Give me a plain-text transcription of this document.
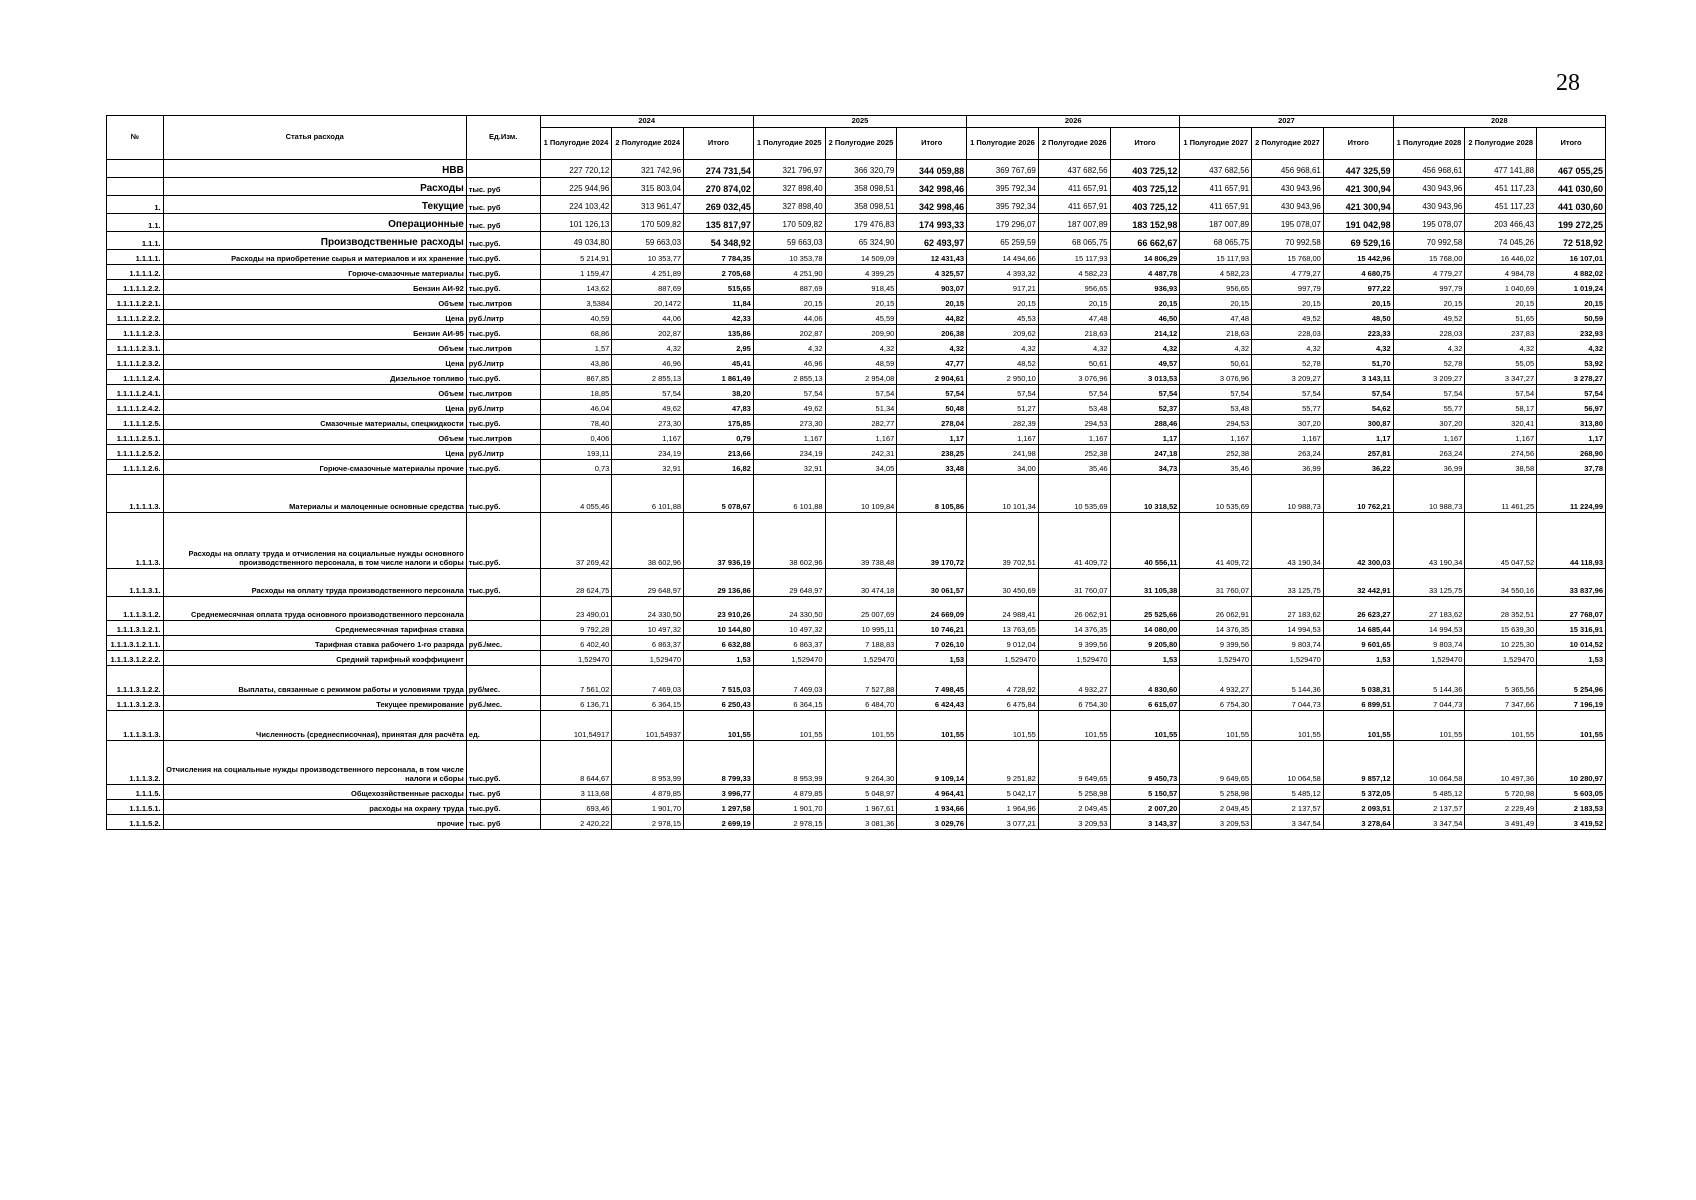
28
№	Статья расхода	Ед.Изм.	2024			2025			2026			2027			2028		
			1 Полугодие 2024	2 Полугодие 2024	Итого	1 Полугодие 2025	2 Полугодие 2025	Итого	1 Полугодие 2026	2 Полугодие 2026	Итого	1 Полугодие 2027	2 Полугодие 2027	Итого	1 Полугодие 2028	2 Полугодие 2028	Итого
	НВВ		227 720,12	321 742,96	274 731,54	321 796,97	366 320,79	344 059,88	369 767,69	437 682,56	403 725,12	437 682,56	456 968,61	447 325,59	456 968,61	477 141,88	467 055,25
	Расходы	тыс. руб	225 944,96	315 803,04	270 874,02	327 898,40	358 098,51	342 998,46	395 792,34	411 657,91	403 725,12	411 657,91	430 943,96	421 300,94	430 943,96	451 117,23	441 030,60
1.	Текущие	тыс. руб	224 103,42	313 961,47	269 032,45	327 898,40	358 098,51	342 998,46	395 792,34	411 657,91	403 725,12	411 657,91	430 943,96	421 300,94	430 943,96	451 117,23	441 030,60
1.1.	Операционные	тыс. руб	101 126,13	170 509,82	135 817,97	170 509,82	179 476,83	174 993,33	179 296,07	187 007,89	183 152,98	187 007,89	195 078,07	191 042,98	195 078,07	203 466,43	199 272,25
1.1.1.	Производственные расходы	тыс.руб.	49 034,80	59 663,03	54 348,92	59 663,03	65 324,90	62 493,97	65 259,59	68 065,75	66 662,67	68 065,75	70 992,58	69 529,16	70 992,58	74 045,26	72 518,92
1.1.1.1.	Расходы на приобретение сырья и материалов и их хранение	тыс.руб.	5 214,91	10 353,77	7 784,35	10 353,78	14 509,09	12 431,43	14 494,66	15 117,93	14 806,29	15 117,93	15 768,00	15 442,96	15 768,00	16 446,02	16 107,01
1.1.1.1.2.	Горюче-смазочные материалы	тыс.руб.	1 159,47	4 251,89	2 705,68	4 251,90	4 399,25	4 325,57	4 393,32	4 582,23	4 487,78	4 582,23	4 779,27	4 680,75	4 779,27	4 984,78	4 882,02
1.1.1.1.2.2.	Бензин АИ-92	тыс.руб.	143,62	887,69	515,65	887,69	918,45	903,07	917,21	956,65	936,93	956,65	997,79	977,22	997,79	1 040,69	1 019,24
1.1.1.1.2.2.1.	Объем	тыс.литров	3,5384	20,1472	11,84	20,15	20,15	20,15	20,15	20,15	20,15	20,15	20,15	20,15	20,15	20,15	20,15
1.1.1.1.2.2.2.	Цена	руб./литр	40,59	44,06	42,33	44,06	45,59	44,82	45,53	47,48	46,50	47,48	49,52	48,50	49,52	51,65	50,59
1.1.1.1.2.3.	Бензин АИ-95	тыс.руб.	68,86	202,87	135,86	202,87	209,90	206,38	209,62	218,63	214,12	218,63	228,03	223,33	228,03	237,83	232,93
1.1.1.1.2.3.1.	Объем	тыс.литров	1,57	4,32	2,95	4,32	4,32	4,32	4,32	4,32	4,32	4,32	4,32	4,32	4,32	4,32	4,32
1.1.1.1.2.3.2.	Цена	руб./литр	43,86	46,96	45,41	46,96	48,59	47,77	48,52	50,61	49,57	50,61	52,78	51,70	52,78	55,05	53,92
1.1.1.1.2.4.	Дизельное топливо	тыс.руб.	867,85	2 855,13	1 861,49	2 855,13	2 954,08	2 904,61	2 950,10	3 076,96	3 013,53	3 076,96	3 209,27	3 143,11	3 209,27	3 347,27	3 278,27
1.1.1.1.2.4.1.	Объем	тыс.литров	18,85	57,54	38,20	57,54	57,54	57,54	57,54	57,54	57,54	57,54	57,54	57,54	57,54	57,54	57,54
1.1.1.1.2.4.2.	Цена	руб./литр	46,04	49,62	47,83	49,62	51,34	50,48	51,27	53,48	52,37	53,48	55,77	54,62	55,77	58,17	56,97
1.1.1.1.2.5.	Смазочные материалы, спецжидкости	тыс.руб.	78,40	273,30	175,85	273,30	282,77	278,04	282,39	294,53	288,46	294,53	307,20	300,87	307,20	320,41	313,80
1.1.1.1.2.5.1.	Объем	тыс.литров	0,406	1,167	0,79	1,167	1,167	1,17	1,167	1,167	1,17	1,167	1,167	1,17	1,167	1,167	1,17
1.1.1.1.2.5.2.	Цена	руб./литр	193,11	234,19	213,66	234,19	242,31	238,25	241,98	252,38	247,18	252,38	263,24	257,81	263,24	274,56	268,90
1.1.1.1.2.6.	Горюче-смазочные материалы прочие	тыс.руб.	0,73	32,91	16,82	32,91	34,05	33,48	34,00	35,46	34,73	35,46	36,99	36,22	36,99	38,58	37,78
1.1.1.1.3.	Материалы и малоценные основные средства	тыс.руб.	4 055,46	6 101,88	5 078,67	6 101,88	10 109,84	8 105,86	10 101,34	10 535,69	10 318,52	10 535,69	10 988,73	10 762,21	10 988,73	11 461,25	11 224,99
1.1.1.3.	Расходы на оплату труда и отчисления на социальные нужды основного производственного персонала, в том числе налоги и сборы	тыс.руб.	37 269,42	38 602,96	37 936,19	38 602,96	39 738,48	39 170,72	39 702,51	41 409,72	40 556,11	41 409,72	43 190,34	42 300,03	43 190,34	45 047,52	44 118,93
1.1.1.3.1.	Расходы на оплату труда производственного персонала	тыс.руб.	28 624,75	29 648,97	29 136,86	29 648,97	30 474,18	30 061,57	30 450,69	31 760,07	31 105,38	31 760,07	33 125,75	32 442,91	33 125,75	34 550,16	33 837,96
1.1.1.3.1.2.	Среднемесячная оплата труда основного производственного персонала		23 490,01	24 330,50	23 910,26	24 330,50	25 007,69	24 669,09	24 988,41	26 062,91	25 525,66	26 062,91	27 183,62	26 623,27	27 183,62	28 352,51	27 768,07
1.1.1.3.1.2.1.	Среднемесячная тарифная ставка		9 792,28	10 497,32	10 144,80	10 497,32	10 995,11	10 746,21	13 763,65	14 376,35	14 080,00	14 376,35	14 994,53	14 685,44	14 994,53	15 639,30	15 316,91
1.1.1.3.1.2.1.1.	Тарифная ставка рабочего 1-го разряда	руб./мес.	6 402,40	6 863,37	6 632,88	6 863,37	7 188,83	7 026,10	9 012,04	9 399,56	9 205,80	9 399,56	9 803,74	9 601,65	9 803,74	10 225,30	10 014,52
1.1.1.3.1.2.2.2.	Средний тарифный коэффициент		1,529470	1,529470	1,53	1,529470	1,529470	1,53	1,529470	1,529470	1,53	1,529470	1,529470	1,53	1,529470	1,529470	1,53
1.1.1.3.1.2.2.	Выплаты, связанные с режимом работы и условиями труда	руб/мес.	7 561,02	7 469,03	7 515,03	7 469,03	7 527,88	7 498,45	4 728,92	4 932,27	4 830,60	4 932,27	5 144,36	5 038,31	5 144,36	5 365,56	5 254,96
1.1.1.3.1.2.3.	Текущее премирование	руб./мес.	6 136,71	6 364,15	6 250,43	6 364,15	6 484,70	6 424,43	6 475,84	6 754,30	6 615,07	6 754,30	7 044,73	6 899,51	7 044,73	7 347,66	7 196,19
1.1.1.3.1.3.	Численность (среднесписочная), принятая для расчёта	ед.	101,54917	101,54937	101,55	101,55	101,55	101,55	101,55	101,55	101,55	101,55	101,55	101,55	101,55	101,55	101,55
1.1.1.3.2.	Отчисления на социальные нужды производственного персонала, в том числе налоги и сборы	тыс.руб.	8 644,67	8 953,99	8 799,33	8 953,99	9 264,30	9 109,14	9 251,82	9 649,65	9 450,73	9 649,65	10 064,58	9 857,12	10 064,58	10 497,36	10 280,97
1.1.1.5.	Общехозяйственные расходы	тыс. руб	3 113,68	4 879,85	3 996,77	4 879,85	5 048,97	4 964,41	5 042,17	5 258,98	5 150,57	5 258,98	5 485,12	5 372,05	5 485,12	5 720,98	5 603,05
1.1.1.5.1.	расходы на охрану труда	тыс.руб.	693,46	1 901,70	1 297,58	1 901,70	1 967,61	1 934,66	1 964,96	2 049,45	2 007,20	2 049,45	2 137,57	2 093,51	2 137,57	2 229,49	2 183,53
1.1.1.5.2.	прочие	тыс. руб	2 420,22	2 978,15	2 699,19	2 978,15	3 081,36	3 029,76	3 077,21	3 209,53	3 143,37	3 209,53	3 347,54	3 278,64	3 347,54	3 491,49	3 419,52
